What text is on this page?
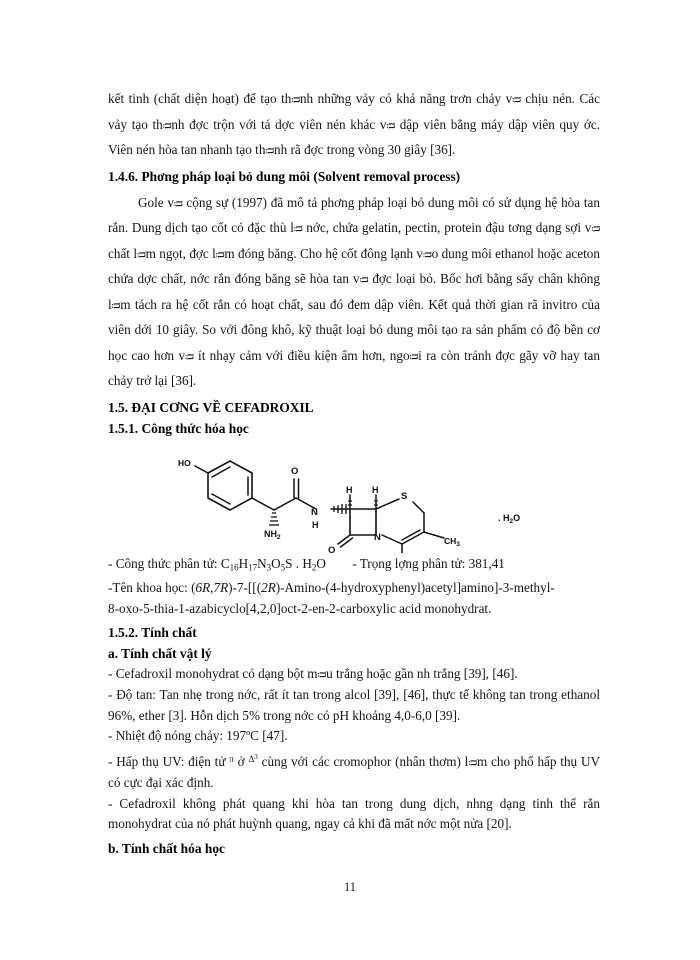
kết tinh (chất diện hoạt) để tạo thᴞnh những vảy có khả năng trơn chảy vᴞ chịu nén. Các vảy tạo thᴞnh đợc trộn với tá dợc viên nén khác vᴞ dập viên bằng máy dập viên quy ớc. Viên nén hòa tan nhanh tạo thᴞnh rã đợc trong vòng 30 giây [36].

1.4.6. Phơng pháp loại bỏ dung môi (Solvent removal process)

Gole vᴞ cộng sự (1997) đã mô tả phơng pháp loại bỏ dung môi có sử dụng hệ hòa tan rắn. Dung dịch tạo cốt có đặc thù lᴞ nớc, chứa gelatin, pectin, protein đậu tơng dạng sợi vᴞ chất lᴞm ngọt, đợc lᴞm đóng băng. Cho hệ cốt đông lạnh vᴞo dung môi ethanol hoặc aceton chứa dợc chất, nớc rắn đóng băng sẽ hòa tan vᴞ đợc loại bỏ. Bốc hơi bằng sấy chân không lᴞm tách ra hệ cốt rắn có hoạt chất, sau đó đem dập viên. Kết quả thời gian rã invitro của viên dới 10 giây. So với đông khô, kỹ thuật loại bỏ dung môi tạo ra sản phẩm có độ bền cơ học cao hơn vᴞ ít nhạy cảm với điều kiện ẩm hơn, ngoᴞi ra còn tránh đợc gãy vỡ hay tan chảy trở lại [36].

1.5. ĐẠI CƠNG VỀ CEFADROXIL

1.5.1. Công thức hóa học

HO
O
N
H
$NH_2$
H H
S
N
O
$CH_3$
. $H_2O$

- Công thức phân tử: $C_{16}H_{17}N_3O_5S$ . $H_2O$ - Trọng lợng phân tử: 381,41

-Tên khoa học: (6R,7R)-7-[[(2R)-Amino-(4-hydroxyphenyl)acetyl]amino]-3-methyl-

8-oxo-5-thia-1-azabicyclo[4,2,0]oct-2-en-2-carboxylic acid monohydrat.

1.5.2. Tính chất

a. Tính chất vật lý

- Cefadroxil monohydrat có dạng bột mᴞu trắng hoặc gần nh trắng [39], [46].

- Độ tan: Tan nhẹ trong nớc, rất ít tan trong alcol [39], [46], thực tế không tan trong ethanol 96%, ether [3]. Hỗn dịch 5% trong nớc có pH khoảng 4,0-6,0 [39].

- Nhiệt độ nóng chảy: 197ºC [47].

- Hấp thụ UV: điện tử $^\pi$ ở $^{\Delta^3}$ cùng với các cromophor (nhân thơm) lᴞm cho phổ hấp thụ UV có cực đại xác định.

- Cefadroxil không phát quang khi hòa tan trong dung dịch, nhng dạng tinh thể rắn monohydrat của nó phát huỳnh quang, ngay cả khi đã mất nớc một nửa [20].

b. Tính chất hóa học

11
